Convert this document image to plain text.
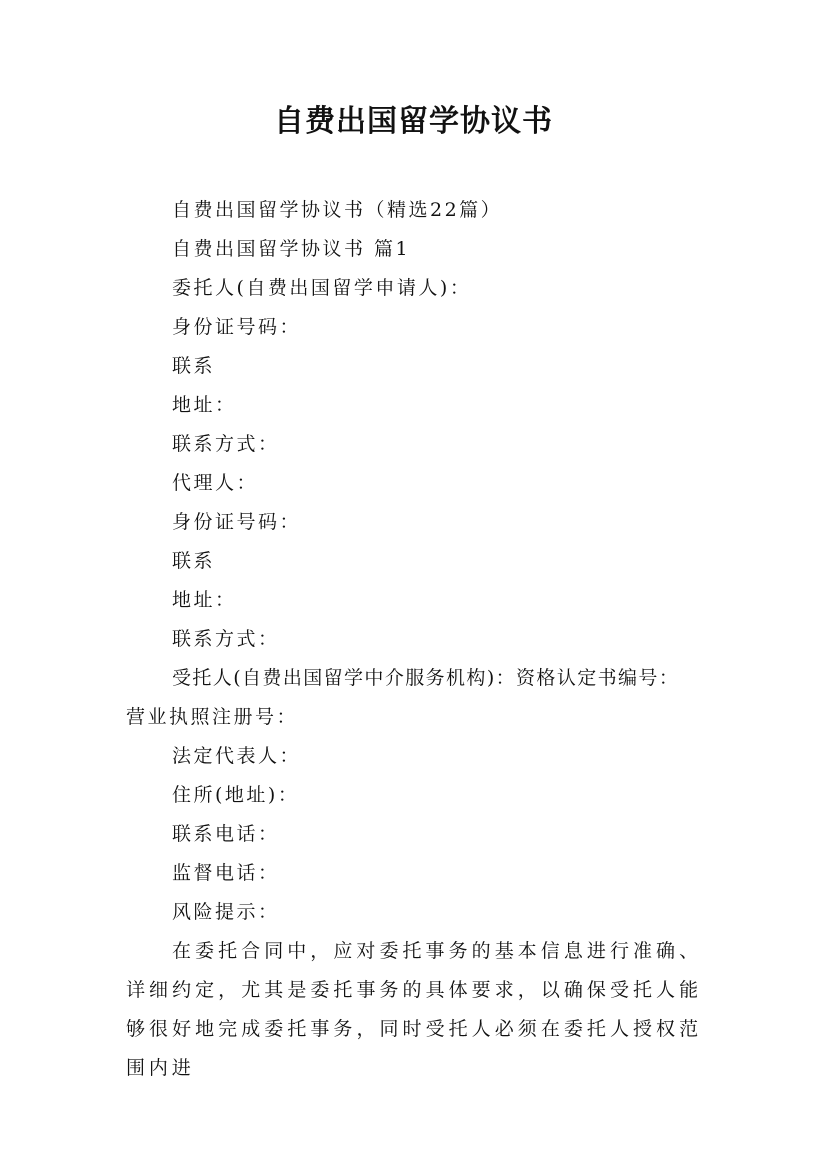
自费出国留学协议书

自费出国留学协议书（精选22篇）

自费出国留学协议书 篇1

委托人(自费出国留学申请人)：

身份证号码：

联系

地址：

联系方式：

代理人：

身份证号码：

联系

地址：

联系方式：

受托人(自费出国留学中介服务机构)：资格认定书编号：

营业执照注册号：

法定代表人：

住所(地址)：

联系电话：

监督电话：

风险提示：

在委托合同中，应对委托事务的基本信息进行准确、详细约定，尤其是委托事务的具体要求，以确保受托人能够很好地完成委托事务，同时受托人必须在委托人授权范围内进
